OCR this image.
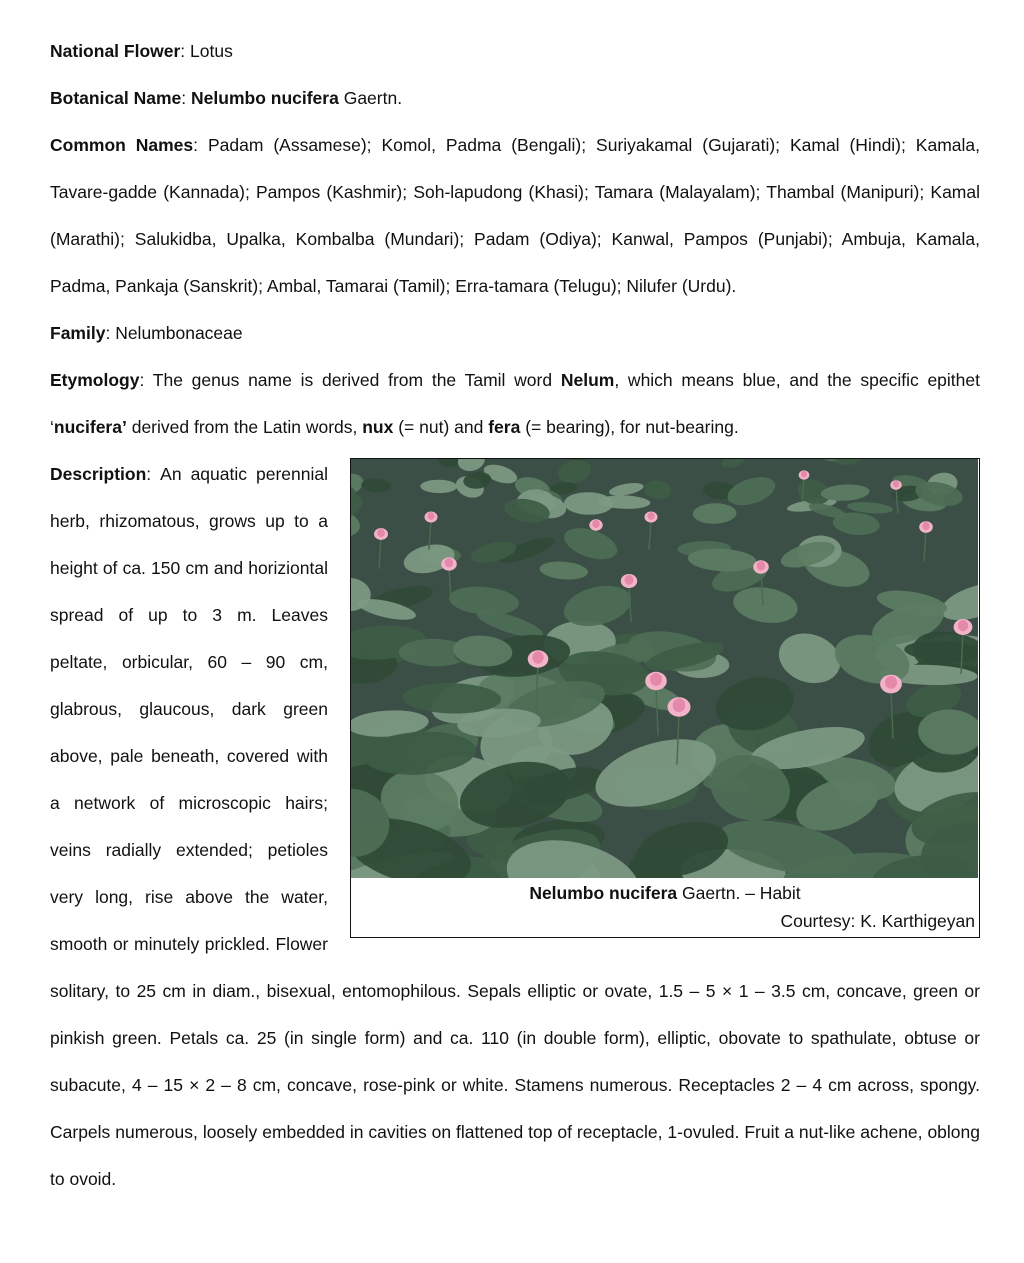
National Flower: Lotus

Botanical Name: Nelumbo nucifera Gaertn.

Common Names: Padam (Assamese); Komol, Padma (Bengali); Suriyakamal (Gujarati); Kamal (Hindi); Kamala, Tavare-gadde (Kannada); Pampos (Kashmir); Soh-lapudong (Khasi); Tamara (Malayalam); Thambal (Manipuri); Kamal (Marathi); Salukidba, Upalka, Kombalba (Mundari); Padam (Odiya); Kanwal, Pampos (Punjabi); Ambuja, Kamala, Padma, Pankaja (Sanskrit); Ambal, Tamarai (Tamil); Erra-tamara (Telugu); Nilufer (Urdu).

Family: Nelumbonaceae

Etymology: The genus name is derived from the Tamil word Nelum, which means blue, and the specific epithet ‘nucifera’ derived from the Latin words, nux (= nut) and fera (= bearing), for nut-bearing.

Description:
Nelumbo nucifera Gaertn. – Habit
Courtesy: K. Karthigeyan
An aquatic perennial herb, rhizomatous, grows up to a height of ca. 150 cm and horiziontal spread of up to 3 m. Leaves peltate, orbicular, 60 – 90 cm, glabrous, glaucous, dark green above, pale beneath, covered with a network of microscopic hairs; veins radially extended; petioles very long, rise above the water, smooth or minutely prickled. Flower solitary, to 25 cm in diam., bisexual, entomophilous. Sepals elliptic or ovate, 1.5 – 5 × 1 – 3.5 cm, concave, green or pinkish green. Petals ca. 25 (in single form) and ca. 110 (in double form), elliptic, obovate to spathulate, obtuse or subacute, 4 – 15 × 2 – 8 cm, concave, rose-pink or white. Stamens numerous. Receptacles 2 – 4 cm across, spongy. Carpels numerous, loosely embedded in cavities on flattened top of receptacle, 1-ovuled. Fruit a nut-like achene, oblong to ovoid.
